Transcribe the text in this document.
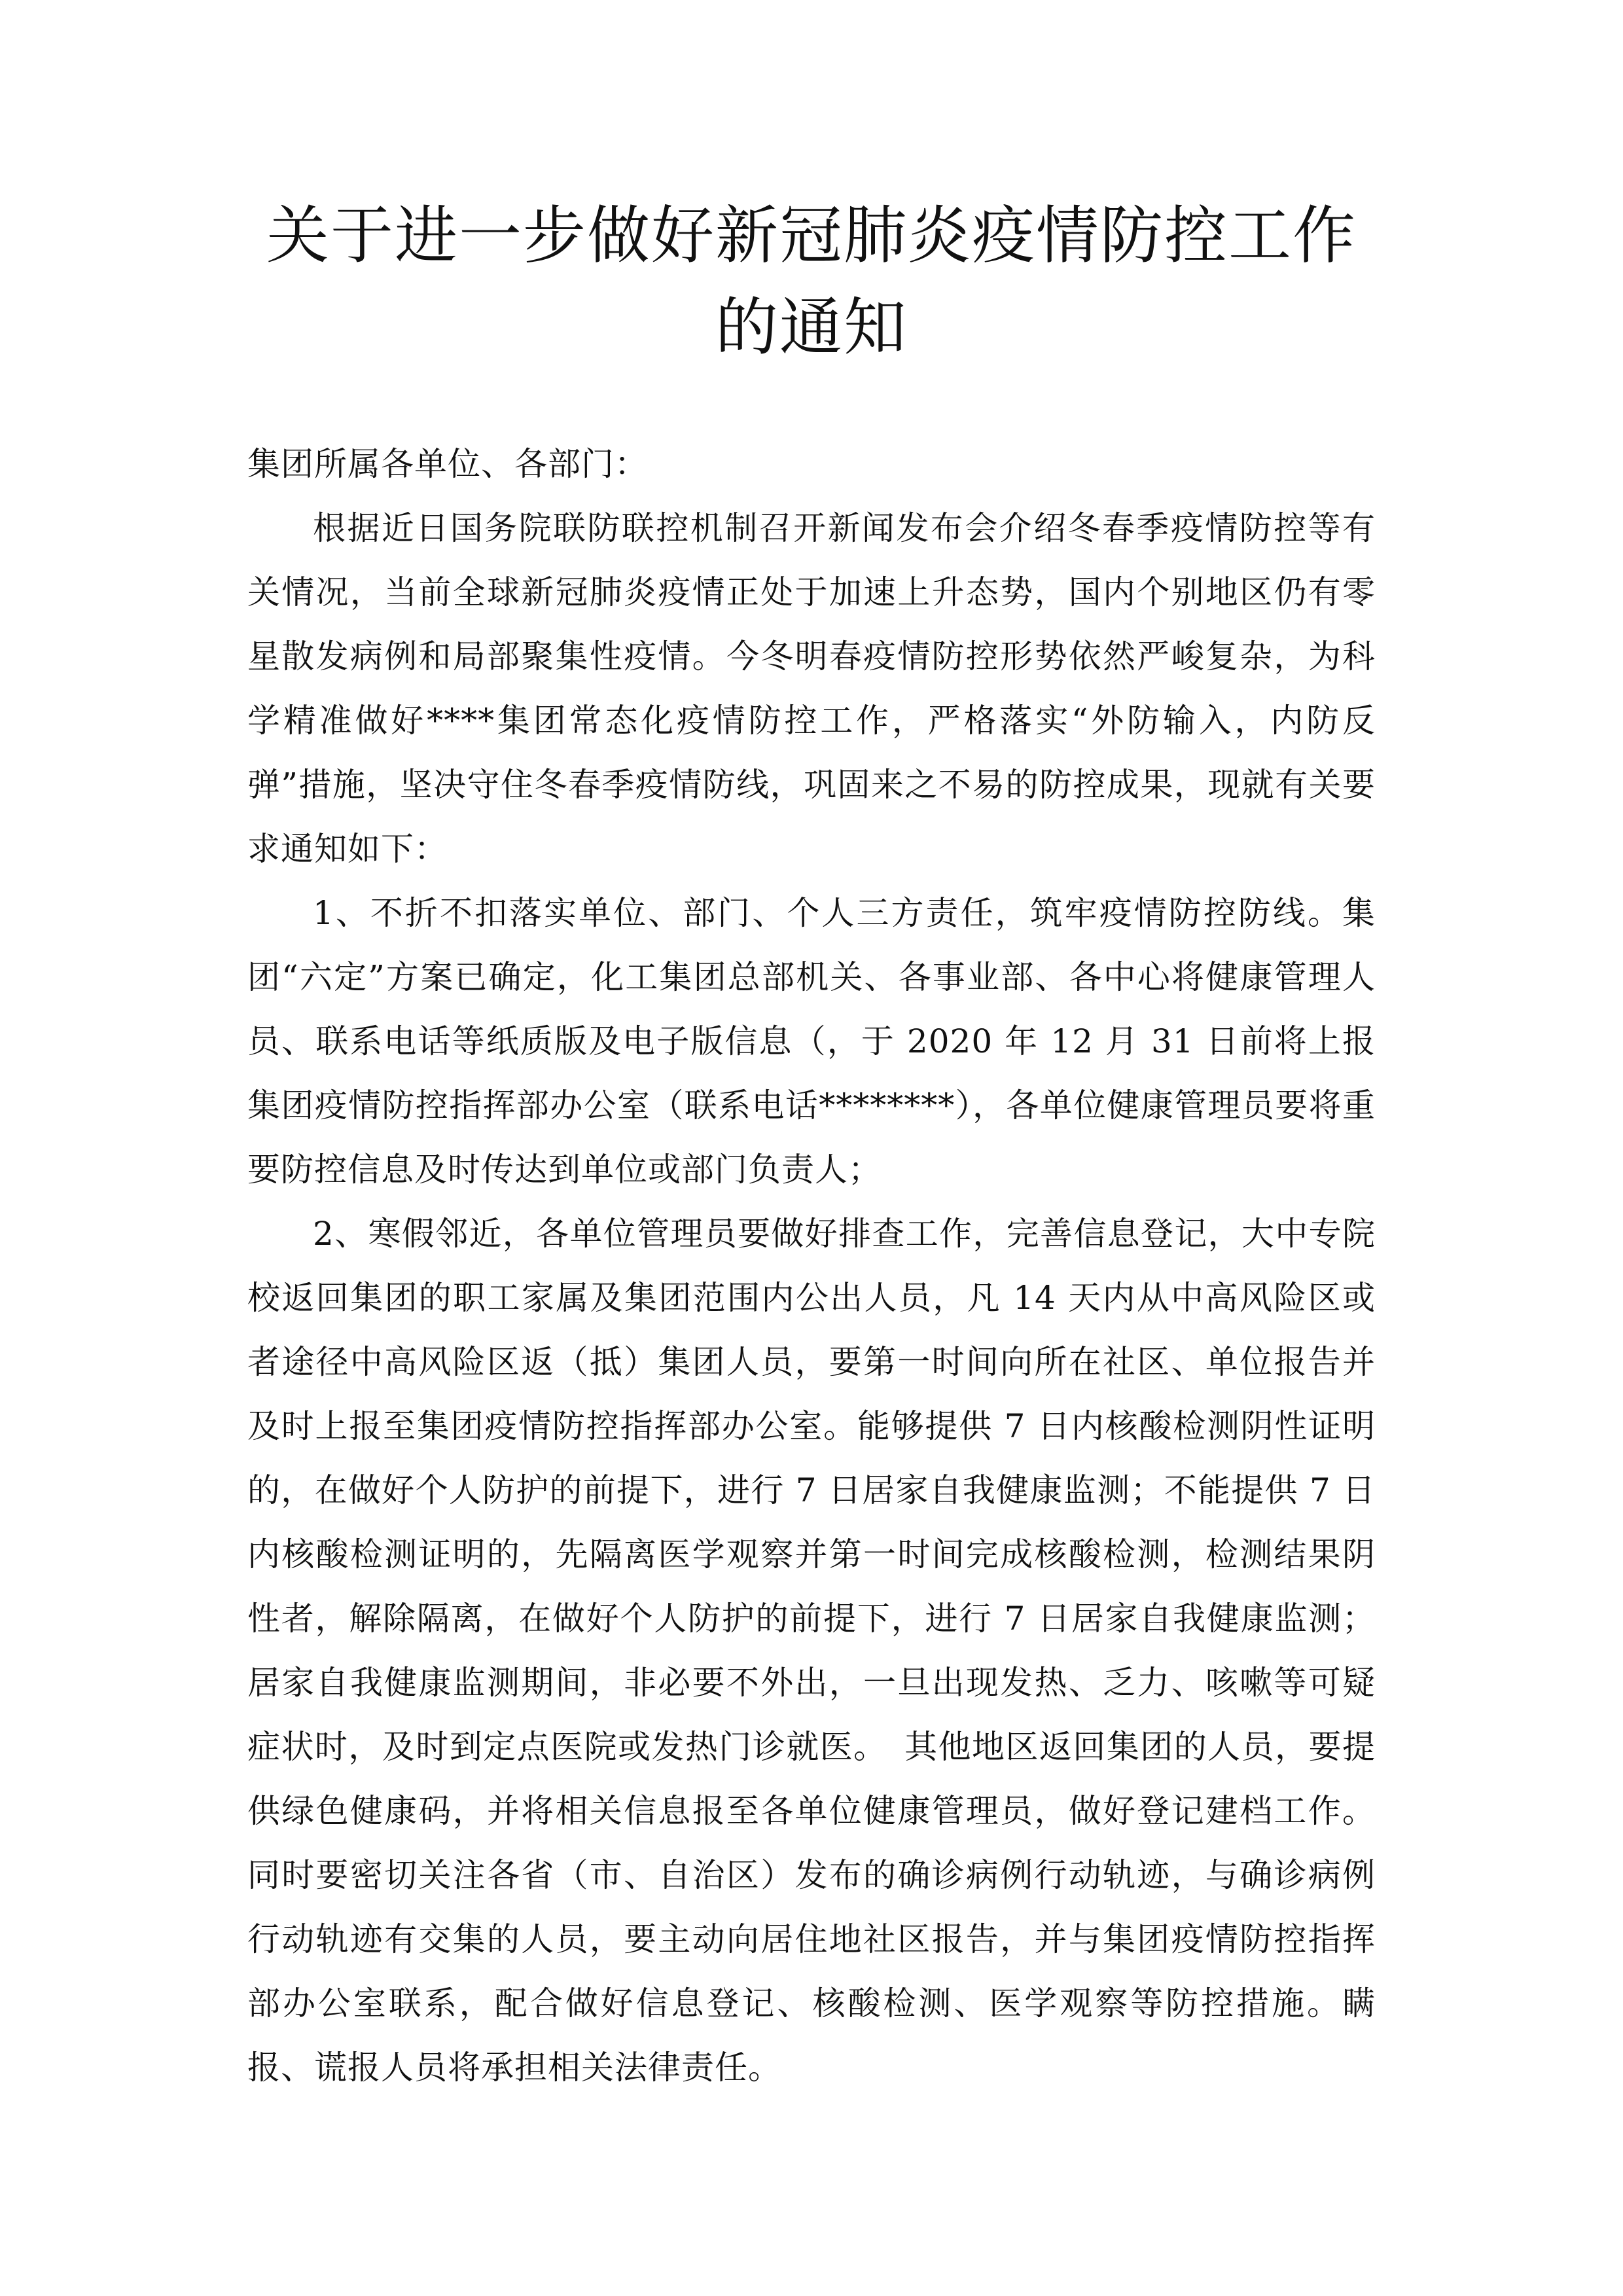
关于进一步做好新冠肺炎疫情防控工作的通知

集团所属各单位、各部门：

根据近日国务院联防联控机制召开新闻发布会介绍冬春季疫情防控等有关情况，当前全球新冠肺炎疫情正处于加速上升态势，国内个别地区仍有零星散发病例和局部聚集性疫情。今冬明春疫情防控形势依然严峻复杂，为科学精准做好****集团常态化疫情防控工作，严格落实“外防输入，内防反弹”措施，坚决守住冬春季疫情防线，巩固来之不易的防控成果，现就有关要求通知如下：

1、不折不扣落实单位、部门、个人三方责任，筑牢疫情防控防线。集团“六定”方案已确定，化工集团总部机关、各事业部、各中心将健康管理人员、联系电话等纸质版及电子版信息（，于 2020 年 12 月 31 日前将上报集团疫情防控指挥部办公室（联系电话********），各单位健康管理员要将重要防控信息及时传达到单位或部门负责人；

2、寒假邻近，各单位管理员要做好排查工作，完善信息登记，大中专院校返回集团的职工家属及集团范围内公出人员，凡 14 天内从中高风险区或者途径中高风险区返（抵）集团人员，要第一时间向所在社区、单位报告并及时上报至集团疫情防控指挥部办公室。能够提供 7 日内核酸检测阴性证明的，在做好个人防护的前提下，进行 7 日居家自我健康监测；不能提供 7 日内核酸检测证明的，先隔离医学观察并第一时间完成核酸检测，检测结果阴性者，解除隔离，在做好个人防护的前提下，进行 7 日居家自我健康监测；居家自我健康监测期间，非必要不外出，一旦出现发热、乏力、咳嗽等可疑症状时，及时到定点医院或发热门诊就医。　其他地区返回集团的人员，要提供绿色健康码，并将相关信息报至各单位健康管理员，做好登记建档工作。同时要密切关注各省（市、自治区）发布的确诊病例行动轨迹，与确诊病例行动轨迹有交集的人员，要主动向居住地社区报告，并与集团疫情防控指挥部办公室联系，配合做好信息登记、核酸检测、医学观察等防控措施。瞒报、谎报人员将承担相关法律责任。
